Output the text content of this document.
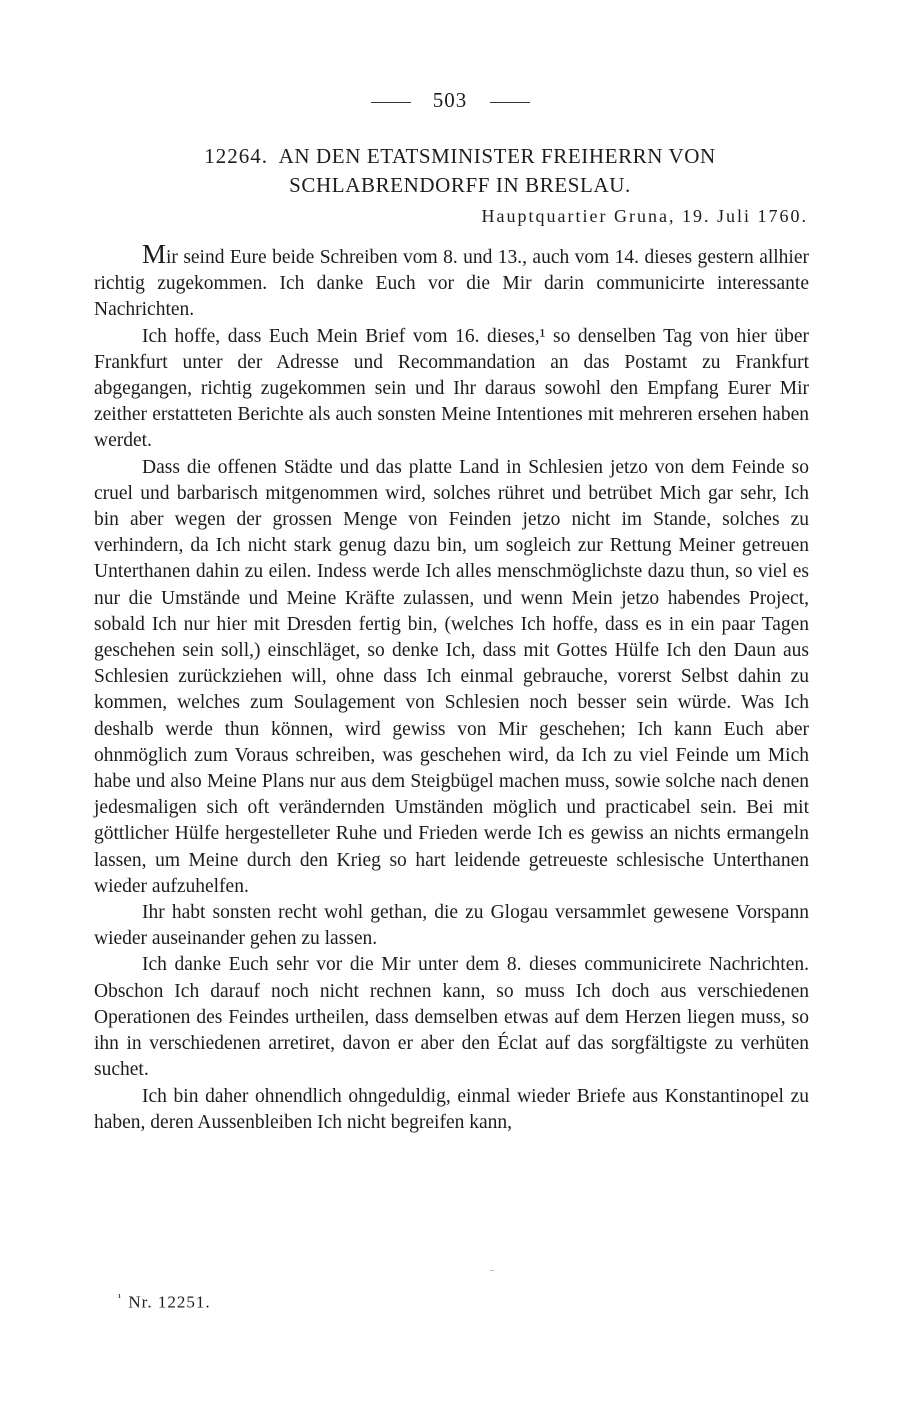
503
12264. AN DEN ETATSMINISTER FREIHERRN VON SCHLABRENDORFF IN BRESLAU.
Hauptquartier Gruna, 19. Juli 1760.

Mir seind Eure beide Schreiben vom 8. und 13., auch vom 14. dieses gestern allhier richtig zugekommen. Ich danke Euch vor die Mir darin communicirte interessante Nachrichten.

Ich hoffe, dass Euch Mein Brief vom 16. dieses,¹ so denselben Tag von hier über Frankfurt unter der Adresse und Recommandation an das Postamt zu Frankfurt abgegangen, richtig zugekommen sein und Ihr daraus sowohl den Empfang Eurer Mir zeither erstatteten Berichte als auch sonsten Meine Intentiones mit mehreren ersehen haben werdet.

Dass die offenen Städte und das platte Land in Schlesien jetzo von dem Feinde so cruel und barbarisch mitgenommen wird, solches rühret und betrübet Mich gar sehr, Ich bin aber wegen der grossen Menge von Feinden jetzo nicht im Stande, solches zu verhindern, da Ich nicht stark genug dazu bin, um sogleich zur Rettung Meiner getreuen Unterthanen dahin zu eilen. Indess werde Ich alles menschmöglichste dazu thun, so viel es nur die Umstände und Meine Kräfte zulassen, und wenn Mein jetzo habendes Project, sobald Ich nur hier mit Dresden fertig bin, (welches Ich hoffe, dass es in ein paar Tagen geschehen sein soll,) einschläget, so denke Ich, dass mit Gottes Hülfe Ich den Daun aus Schlesien zurückziehen will, ohne dass Ich einmal gebrauche, vorerst Selbst dahin zu kommen, welches zum Soulagement von Schlesien noch besser sein würde. Was Ich deshalb werde thun können, wird gewiss von Mir geschehen; Ich kann Euch aber ohnmöglich zum Voraus schreiben, was geschehen wird, da Ich zu viel Feinde um Mich habe und also Meine Plans nur aus dem Steigbügel machen muss, sowie solche nach denen jedesmaligen sich oft verändernden Umständen möglich und practicabel sein. Bei mit göttlicher Hülfe hergestelleter Ruhe und Frieden werde Ich es gewiss an nichts ermangeln lassen, um Meine durch den Krieg so hart leidende getreueste schlesische Unterthanen wieder aufzuhelfen.

Ihr habt sonsten recht wohl gethan, die zu Glogau versammlet gewesene Vorspann wieder auseinander gehen zu lassen.

Ich danke Euch sehr vor die Mir unter dem 8. dieses communicirete Nachrichten. Obschon Ich darauf noch nicht rechnen kann, so muss Ich doch aus verschiedenen Operationen des Feindes urtheilen, dass demselben etwas auf dem Herzen liegen muss, so ihn in verschiedenen arretiret, davon er aber den Éclat auf das sorgfältigste zu verhüten suchet.

Ich bin daher ohnendlich ohngeduldig, einmal wieder Briefe aus Konstantinopel zu haben, deren Aussenbleiben Ich nicht begreifen kann,

$^{^1}$ Nr. 12251.
